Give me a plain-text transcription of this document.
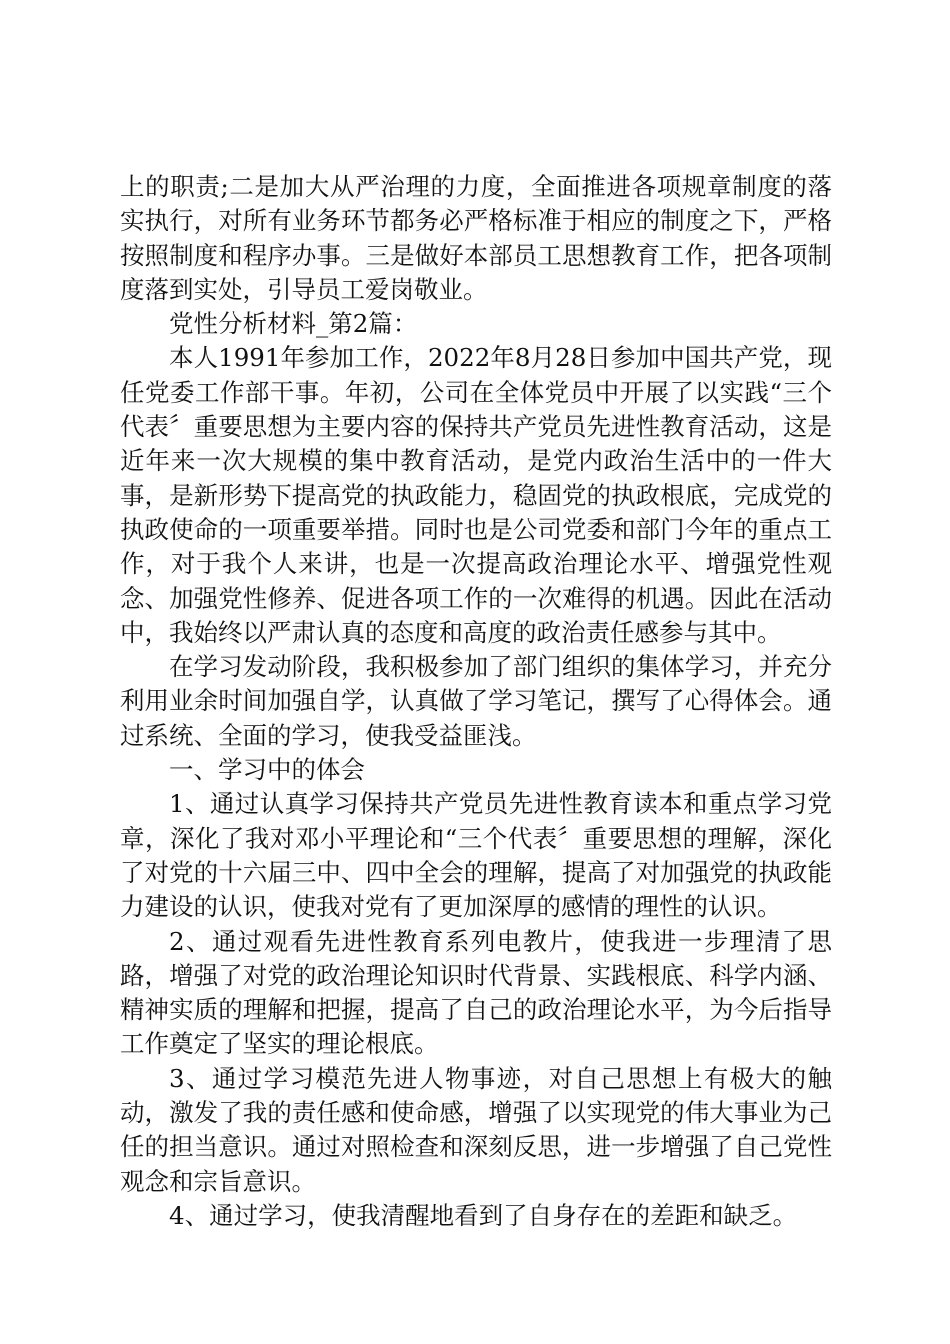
上的职责;二是加大从严治理的力度，全面推进各项规章制度的落实执行，对所有业务环节都务必严格标准于相应的制度之下，严格按照制度和程序办事。三是做好本部员工思想教育工作，把各项制度落到实处，引导员工爱岗敬业。

党性分析材料_第2篇：

本人1991年参加工作，2022年8月28日参加中国共产党，现任党委工作部干事。年初，公司在全体党员中开展了以实践“三个代表〞重要思想为主要内容的保持共产党员先进性教育活动，这是近年来一次大规模的集中教育活动，是党内政治生活中的一件大事，是新形势下提高党的执政能力，稳固党的执政根底，完成党的执政使命的一项重要举措。同时也是公司党委和部门今年的重点工作，对于我个人来讲，也是一次提高政治理论水平、增强党性观念、加强党性修养、促进各项工作的一次难得的机遇。因此在活动中，我始终以严肃认真的态度和高度的政治责任感参与其中。

在学习发动阶段，我积极参加了部门组织的集体学习，并充分利用业余时间加强自学，认真做了学习笔记，撰写了心得体会。通过系统、全面的学习，使我受益匪浅。

一、学习中的体会

1、通过认真学习保持共产党员先进性教育读本和重点学习党章，深化了我对邓小平理论和“三个代表〞重要思想的理解，深化了对党的十六届三中、四中全会的理解，提高了对加强党的执政能力建设的认识，使我对党有了更加深厚的感情的理性的认识。

2、通过观看先进性教育系列电教片，使我进一步理清了思路，增强了对党的政治理论知识时代背景、实践根底、科学内涵、精神实质的理解和把握，提高了自己的政治理论水平，为今后指导工作奠定了坚实的理论根底。

3、通过学习模范先进人物事迹，对自己思想上有极大的触动，激发了我的责任感和使命感，增强了以实现党的伟大事业为己任的担当意识。通过对照检查和深刻反思，进一步增强了自己党性观念和宗旨意识。

4、通过学习，使我清醒地看到了自身存在的差距和缺乏。
